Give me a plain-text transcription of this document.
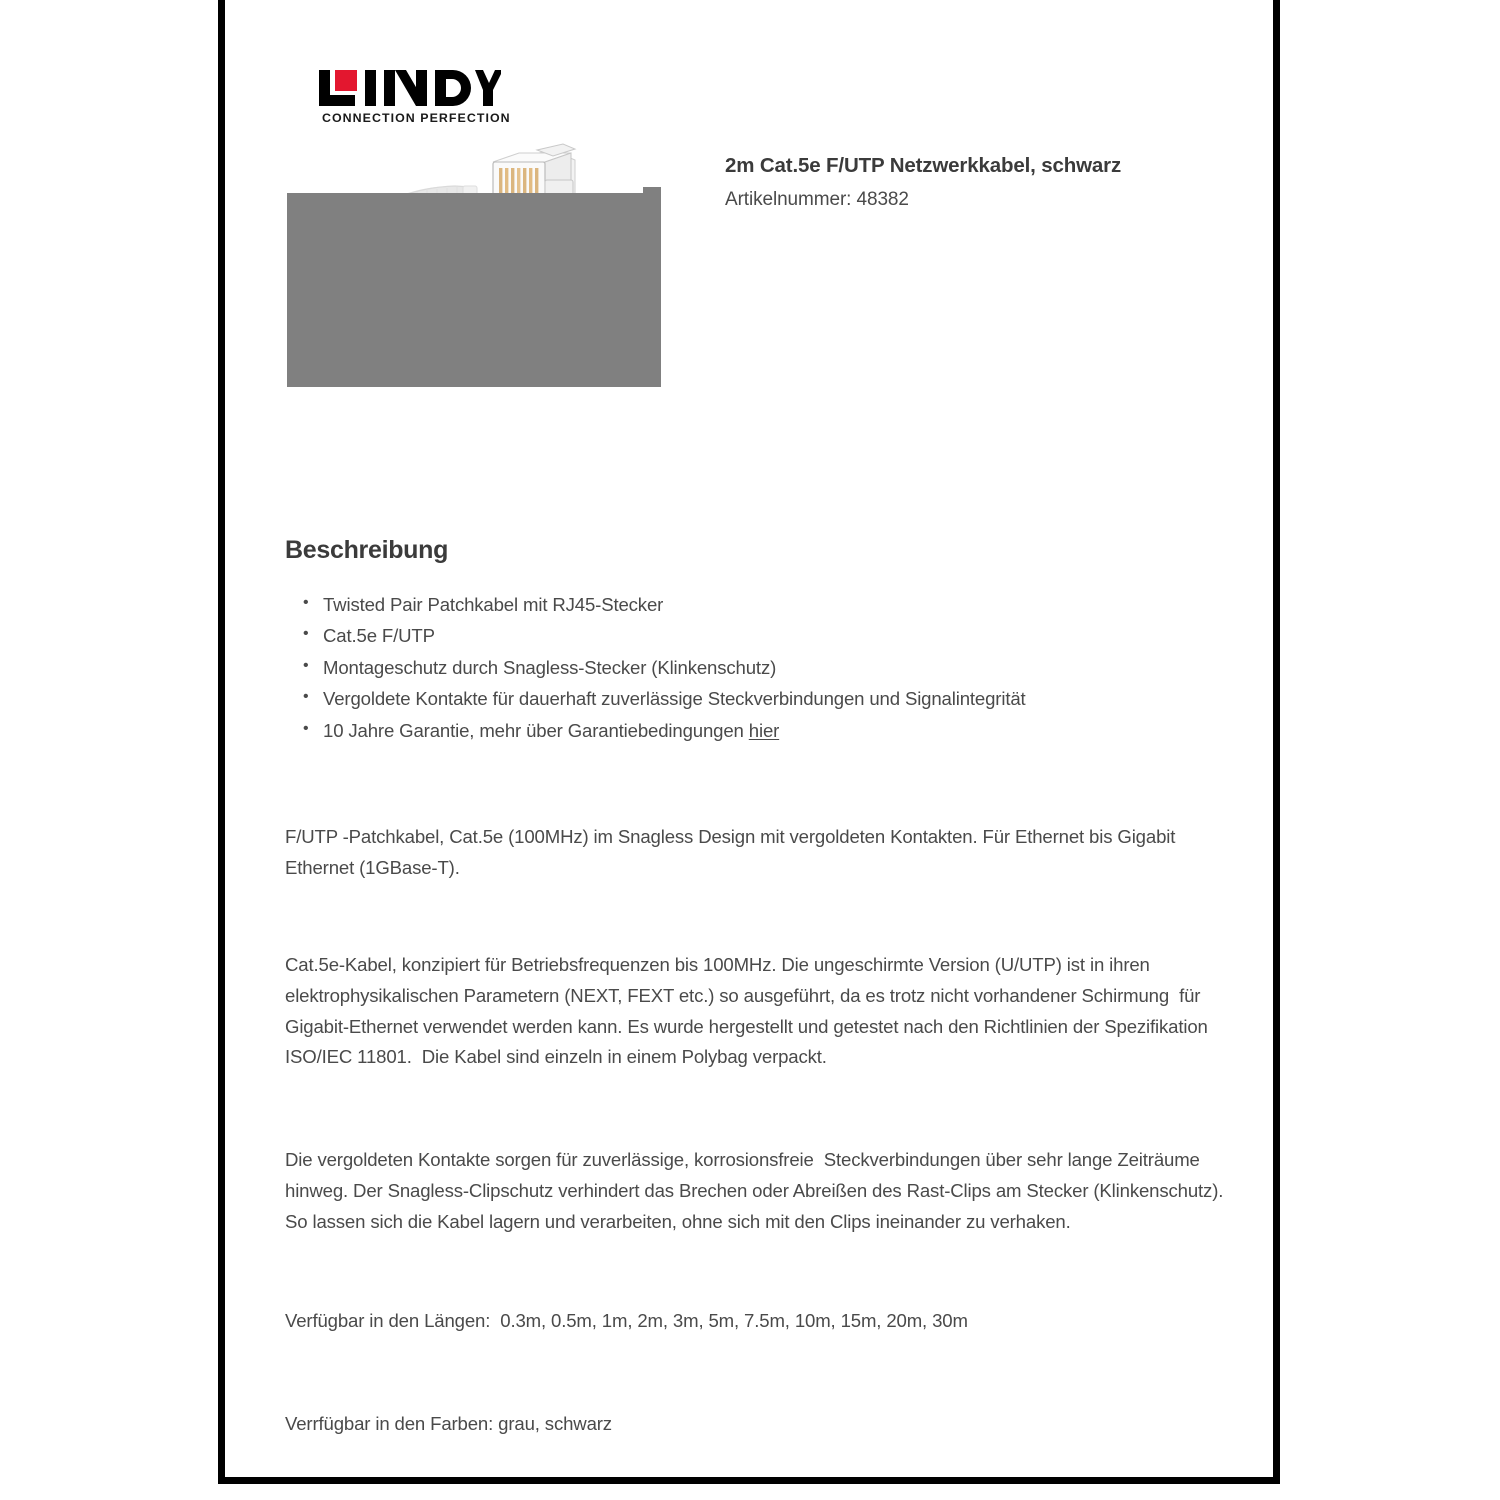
CONNECTION PERFECTION
2m Cat.5e F/UTP Netzwerkkabel, schwarz
Artikelnummer: 48382
Beschreibung
• Twisted Pair Patchkabel mit RJ45-Stecker
• Cat.5e F/UTP
• Montageschutz durch Snagless-Stecker (Klinkenschutz)
• Vergoldete Kontakte für dauerhaft zuverlässige Steckverbindungen und Signalintegrität
• 10 Jahre Garantie, mehr über Garantiebedingungen hier

F/UTP -Patchkabel, Cat.5e (100MHz) im Snagless Design mit vergoldeten Kontakten. Für Ethernet bis Gigabit Ethernet (1GBase-T).

Cat.5e-Kabel, konzipiert für Betriebsfrequenzen bis 100MHz. Die ungeschirmte Version (U/UTP) ist in ihren elektrophysikalischen Parametern (NEXT, FEXT etc.) so ausgeführt, da es trotz nicht vorhandener Schirmung  für Gigabit-Ethernet verwendet werden kann. Es wurde hergestellt und getestet nach den Richtlinien der Spezifikation ISO/IEC 11801.  Die Kabel sind einzeln in einem Polybag verpackt.

Die vergoldeten Kontakte sorgen für zuverlässige, korrosionsfreie  Steckverbindungen über sehr lange Zeiträume hinweg. Der Snagless-Clipschutz verhindert das Brechen oder Abreißen des Rast-Clips am Stecker (Klinkenschutz). So lassen sich die Kabel lagern und verarbeiten, ohne sich mit den Clips ineinander zu verhaken.

Verfügbar in den Längen:  0.3m, 0.5m, 1m, 2m, 3m, 5m, 7.5m, 10m, 15m, 20m, 30m

Verrfügbar in den Farben: grau, schwarz
